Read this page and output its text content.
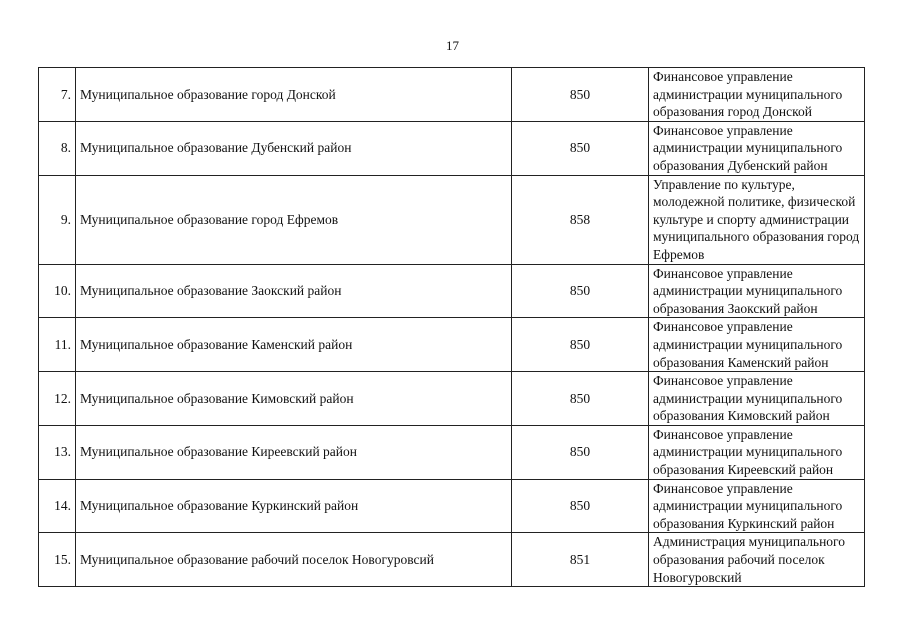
17
7.	Муниципальное образование город Донской	850	Финансовое управление администрации муниципального образования город Донской
8.	Муниципальное образование Дубенский район	850	Финансовое управление администрации муниципального образования Дубенский район
9.	Муниципальное образование город Ефремов	858	Управление по культуре, молодежной политике, физической культуре и спорту администрации муниципального образования город Ефремов
10.	Муниципальное образование Заокский район	850	Финансовое управление администрации муниципального образования Заокский район
11.	Муниципальное образование Каменский район	850	Финансовое управление администрации муниципального образования Каменский район
12.	Муниципальное образование Кимовский район	850	Финансовое управление администрации муниципального образования Кимовский район
13.	Муниципальное образование Киреевский район	850	Финансовое управление администрации муниципального образования Киреевский район
14.	Муниципальное образование Куркинский район	850	Финансовое управление администрации муниципального образования Куркинский район
15.	Муниципальное образование рабочий поселок Новогуровсий	851	Администрация муниципального образования рабочий поселок Новогуровский
